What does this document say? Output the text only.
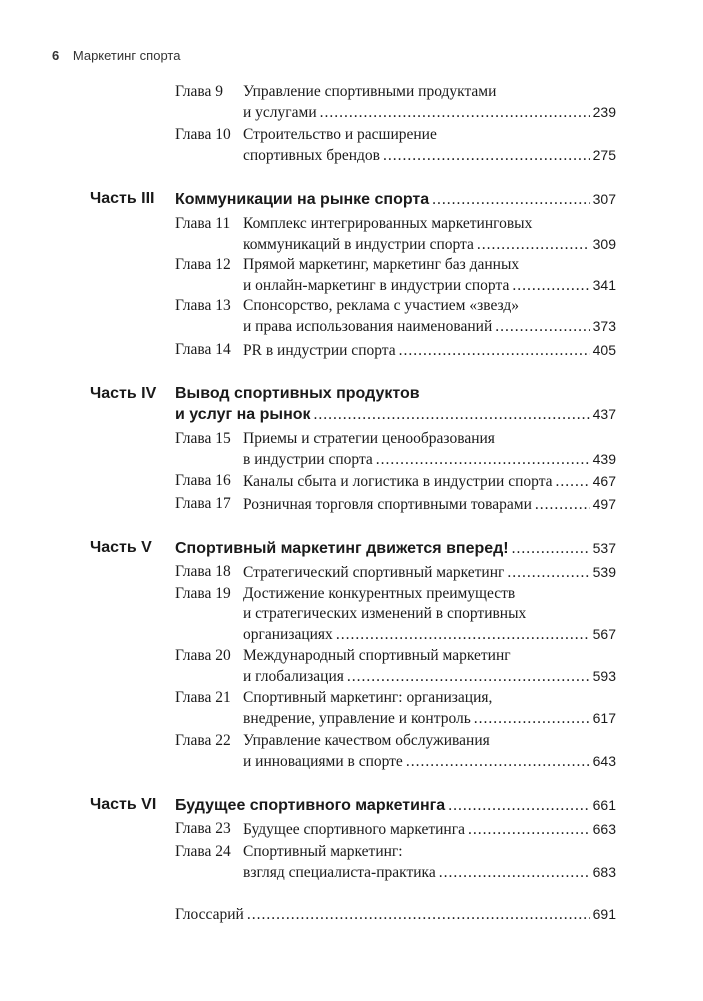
6 Маркетинг спорта
Глава 9 Управление спортивными продуктами
и услугами .....	239
Глава 10 Строительство и расширение
спортивных брендов .....	275
Часть III Коммуникации на рынке спорта .....	307
Глава 11 Комплекс интегрированных маркетинговых
коммуникаций в индустрии спорта .....	309
Глава 12 Прямой маркетинг, маркетинг баз данных
и онлайн-маркетинг в индустрии спорта .....	341
Глава 13 Спонсорство, реклама с участием «звезд»
и права использования наименований .....	373
Глава 14 PR в индустрии спорта .....	405
Часть IV Вывод спортивных продуктов
и услуг на рынок .....	437
Глава 15 Приемы и стратегии ценообразования
в индустрии спорта .....	439
Глава 16 Каналы сбыта и логистика в индустрии спорта .....	467
Глава 17 Розничная торговля спортивными товарами .....	497
Часть V Спортивный маркетинг движется вперед! .....	537
Глава 18 Стратегический спортивный маркетинг .....	539
Глава 19 Достижение конкурентных преимуществ
и стратегических изменений в спортивных
организациях .....	567
Глава 20 Международный спортивный маркетинг
и глобализация .....	593
Глава 21 Спортивный маркетинг: организация,
внедрение, управление и контроль .....	617
Глава 22 Управление качеством обслуживания
и инновациями в спорте .....	643
Часть VI Будущее спортивного маркетинга .....	661
Глава 23 Будущее спортивного маркетинга .....	663
Глава 24 Спортивный маркетинг:
взгляд специалиста-практика .....	683
Глоссарий .....	691
